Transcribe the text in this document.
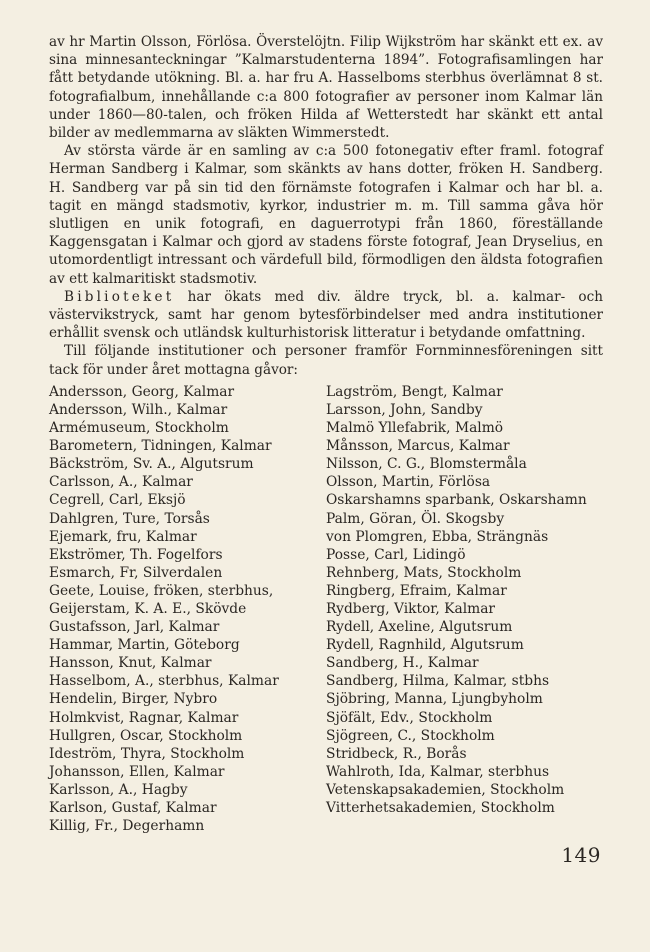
av hr Martin Olsson, Förlösa. Överstelöjtn. Filip Wijkström har skänkt ett ex. av sina minnesanteckningar ”Kalmarstudenterna 1894”. Fotografisamlingen har fått betydande utökning. Bl. a. har fru A. Hasselboms sterbhus överlämnat 8 st. fotografialbum, innehållande c:a 800 fotografier av personer inom Kalmar län under 1860—80-talen, och fröken Hilda af Wetterstedt har skänkt ett antal bilder av medlemmarna av släkten Wimmerstedt.

Av största värde är en samling av c:a 500 fotonegativ efter framl. fotograf Herman Sandberg i Kalmar, som skänkts av hans dotter, fröken H. Sandberg. H. Sandberg var på sin tid den förnämste fotografen i Kalmar och har bl. a. tagit en mängd stadsmotiv, kyrkor, industrier m. m. Till samma gåva hör slutligen en unik fotografi, en daguerrotypi från 1860, föreställande Kaggensgatan i Kalmar och gjord av stadens förste fotograf, Jean Dryselius, en utomordentligt intressant och värdefull bild, förmodligen den äldsta fotografien av ett kalmaritiskt stadsmotiv.

Biblioteket har ökats med div. äldre tryck, bl. a. kalmar- och västervikstryck, samt har genom bytesförbindelser med andra institutioner erhållit svensk och utländsk kulturhistorisk litteratur i betydande omfattning.

Till följande institutioner och personer framför Fornminnesföreningen sitt tack för under året mottagna gåvor:

Andersson, Georg, Kalmar
Andersson, Wilh., Kalmar
Armémuseum, Stockholm
Barometern, Tidningen, Kalmar
Bäckström, Sv. A., Algutsrum
Carlsson, A., Kalmar
Cegrell, Carl, Eksjö
Dahlgren, Ture, Torsås
Ejemark, fru, Kalmar
Ekströmer, Th. Fogelfors
Esmarch, Fr, Silverdalen
Geete, Louise, fröken, sterbhus,
Geijerstam, K. A. E., Skövde
Gustafsson, Jarl, Kalmar
Hammar, Martin, Göteborg
Hansson, Knut, Kalmar
Hasselbom, A., sterbhus, Kalmar
Hendelin, Birger, Nybro
Holmkvist, Ragnar, Kalmar
Hullgren, Oscar, Stockholm
Ideström, Thyra, Stockholm
Johansson, Ellen, Kalmar
Karlsson, A., Hagby
Karlson, Gustaf, Kalmar
Killig, Fr., Degerhamn
Lagström, Bengt, Kalmar
Larsson, John, Sandby
Malmö Yllefabrik, Malmö
Månsson, Marcus, Kalmar
Nilsson, C. G., Blomstermåla
Olsson, Martin, Förlösa
Oskarshamns sparbank, Oskarshamn
Palm, Göran, Öl. Skogsby
von Plomgren, Ebba, Strängnäs
Posse, Carl, Lidingö
Rehnberg, Mats, Stockholm
Ringberg, Efraim, Kalmar
Rydberg, Viktor, Kalmar
Rydell, Axeline, Algutsrum
Rydell, Ragnhild, Algutsrum
Sandberg, H., Kalmar
Sandberg, Hilma, Kalmar, stbhs
Sjöbring, Manna, Ljungbyholm
Sjöfält, Edv., Stockholm
Sjögreen, C., Stockholm
Stridbeck, R., Borås
Wahlroth, Ida, Kalmar, sterbhus
Vetenskapsakademien, Stockholm
Vitterhetsakademien, Stockholm
149
